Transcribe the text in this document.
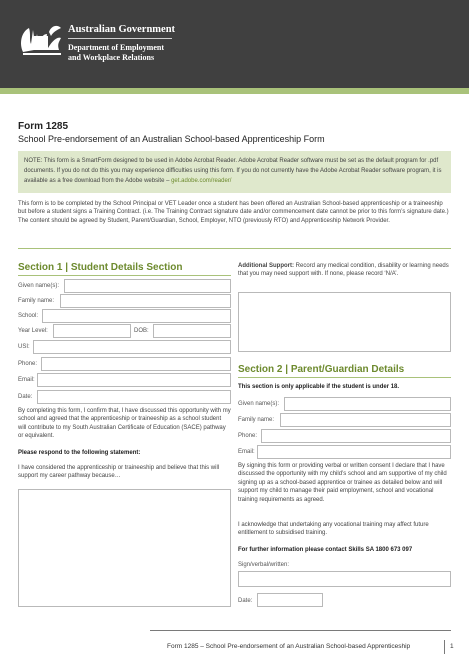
Australian Government
Department of Employment
and Workplace Relations
Form 1285
School Pre-endorsement of an Australian School-based Apprenticeship Form
NOTE: This form is a SmartForm designed to be used in Adobe Acrobat Reader. Adobe Acrobat Reader software must be set as the default program for .pdf documents. If you do not do this you may experience difficulties using this form. If you do not currently have the Adobe Acrobat Reader software program, it is available as a free download from the Adobe website – get.adobe.com/reader/
This form is to be completed by the School Principal or VET Leader once a student has been offered an Australian School-based apprenticeship or a traineeship but before a student signs a Training Contract. (i.e. The Training Contract signature date and/or commencement date cannot be prior to this form’s signature date.) The content should be agreed by Student, Parent/Guardian, School, Employer, NTO (previously RTO) and Apprenticeship Network Provider.
Section 1 | Student Details Section
Given name(s):
Family name:
School:
Year Level:	DOB:
USI:
Phone:
Email:
Date:
By completing this form, I confirm that, I have discussed this opportunity with my school and agreed that the apprenticeship or traineeship as a school student will contribute to my South Australian Certificate of Education (SACE) pathway or equivalent.
Please respond to the following statement:
I have considered the apprenticeship or traineeship and believe that this will support my career pathway because…
Additional Support: Record any medical condition, disability or learning needs that you may need support with. If none, please record ‘N/A’.
Section 2 | Parent/Guardian Details
This section is only applicable if the student is under 18.
Given name(s):
Family name:
Phone:
Email:
By signing this form or providing verbal or written consent I declare that I have discussed the opportunity with my child’s school and am supportive of my child signing up as a school-based apprentice or trainee as detailed below and will support my child to manage their paid employment, school and vocational training requirements as agreed.
I acknowledge that undertaking any vocational training may affect future entitlement to subsidised training.
For further information please contact Skills SA 1800 673 097
Sign/verbal/written:
Date:
Form 1285 – School Pre-endorsement of an Australian School-based Apprenticeship	1
